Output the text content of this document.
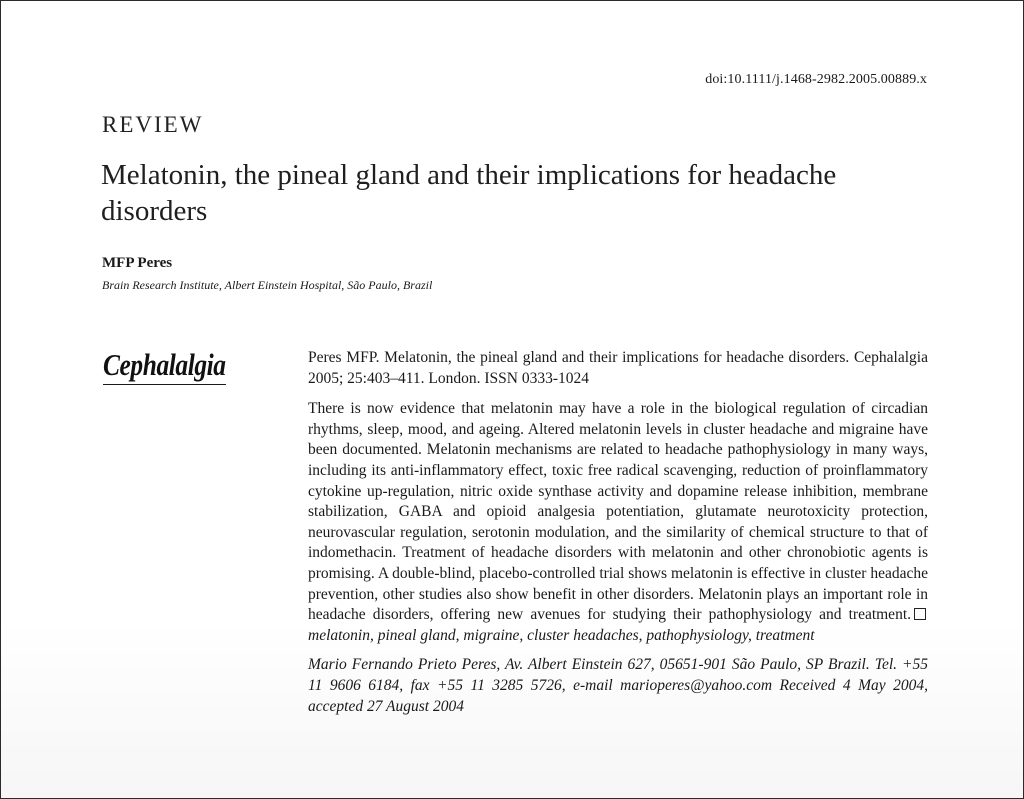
doi:10.1111/j.1468-2982.2005.00889.x
REVIEW
Melatonin, the pineal gland and their implications for headache disorders
MFP Peres
Brain Research Institute, Albert Einstein Hospital, São Paulo, Brazil
Cephalalgia	Peres MFP. Melatonin, the pineal gland and their implications for headache disorders. Cephalalgia 2005; 25:403–411. London. ISSN 0333-1024

There is now evidence that melatonin may have a role in the biological regulation of circadian rhythms, sleep, mood, and ageing. Altered melatonin levels in cluster headache and migraine have been documented. Melatonin mechanisms are related to headache pathophysiology in many ways, including its anti-inflammatory effect, toxic free radical scavenging, reduction of proinflammatory cytokine up-regulation, nitric oxide synthase activity and dopamine release inhibition, membrane stabilization, GABA and opioid analgesia potentiation, glutamate neurotoxicity protection, neurovascular regulation, serotonin modulation, and the similarity of chemical structure to that of indomethacin. Treatment of headache disorders with melatonin and other chronobiotic agents is promising. A double-blind, placebo-controlled trial shows melatonin is effective in cluster headache prevention, other studies also show benefit in other disorders. Melatonin plays an important role in headache disorders, offering new avenues for studying their pathophysiology and treatment.melatonin, pineal gland, migraine, cluster headaches, pathophysiology, treatment

Mario Fernando Prieto Peres, Av. Albert Einstein 627, 05651-901 São Paulo, SP Brazil. Tel. +55 11 9606 6184, fax +55 11 3285 5726, e-mail marioperes@yahoo.com Received 4 May 2004, accepted 27 August 2004
